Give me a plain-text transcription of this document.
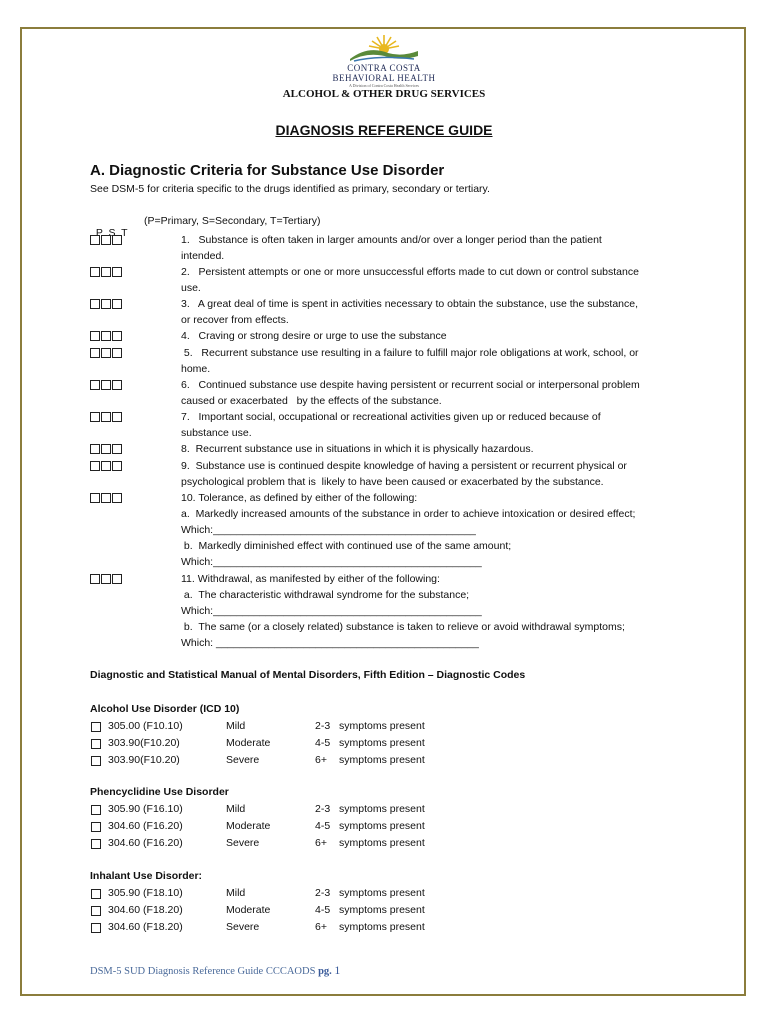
CONTRA COSTA
BEHAVIORAL HEALTH
A Division of Contra Costa Health Services
ALCOHOL & OTHER DRUG SERVICES
DIAGNOSIS REFERENCE GUIDE
A. Diagnostic Criteria for Substance Use Disorder
See DSM-5 for criteria specific to the drugs identified as primary, secondary or tertiary.

P  S  T

(P=Primary, S=Secondary, T=Tertiary)

1.   Substance is often taken in larger amounts and/or over a longer period than the patient
intended.
2.   Persistent attempts or one or more unsuccessful efforts made to cut down or control substance
use.
3.   A great deal of time is spent in activities necessary to obtain the substance, use the substance,
or recover from effects.
4.   Craving or strong desire or urge to use the substance
5.   Recurrent substance use resulting in a failure to fulfill major role obligations at work, school, or
home.
6.   Continued substance use despite having persistent or recurrent social or interpersonal problem
caused or exacerbated   by the effects of the substance.
7.   Important social, occupational or recreational activities given up or reduced because of
substance use.
8.  Recurrent substance use in situations in which it is physically hazardous.
9.  Substance use is continued despite knowledge of having a persistent or recurrent physical or
psychological problem that is  likely to have been caused or exacerbated by the substance.
10. Tolerance, as defined by either of the following:
a.  Markedly increased amounts of the substance in order to achieve intoxication or desired effect;
Which:_____________________________________________
b.  Markedly diminished effect with continued use of the same amount;
Which:______________________________________________
11. Withdrawal, as manifested by either of the following:
a.  The characteristic withdrawal syndrome for the substance;
Which:______________________________________________
b.  The same (or a closely related) substance is taken to relieve or avoid withdrawal symptoms;
Which: _____________________________________________
Diagnostic and Statistical Manual of Mental Disorders, Fifth Edition – Diagnostic Codes
Alcohol Use Disorder (ICD 10)
305.00 (F10.10)	Mild	2-3 symptoms present
303.90(F10.20)	Moderate	4-5 symptoms present
303.90(F10.20)	Severe	6+ symptoms present
Phencyclidine Use Disorder
305.90 (F16.10)	Mild	2-3 symptoms present
304.60 (F16.20)	Moderate	4-5 symptoms present
304.60 (F16.20)	Severe	6+ symptoms present
Inhalant Use Disorder:
305.90 (F18.10)	Mild	2-3 symptoms present
304.60 (F18.20)	Moderate	4-5 symptoms present
304.60 (F18.20)	Severe	6+ symptoms present
DSM-5 SUD Diagnosis Reference Guide CCCAODS pg. 1
